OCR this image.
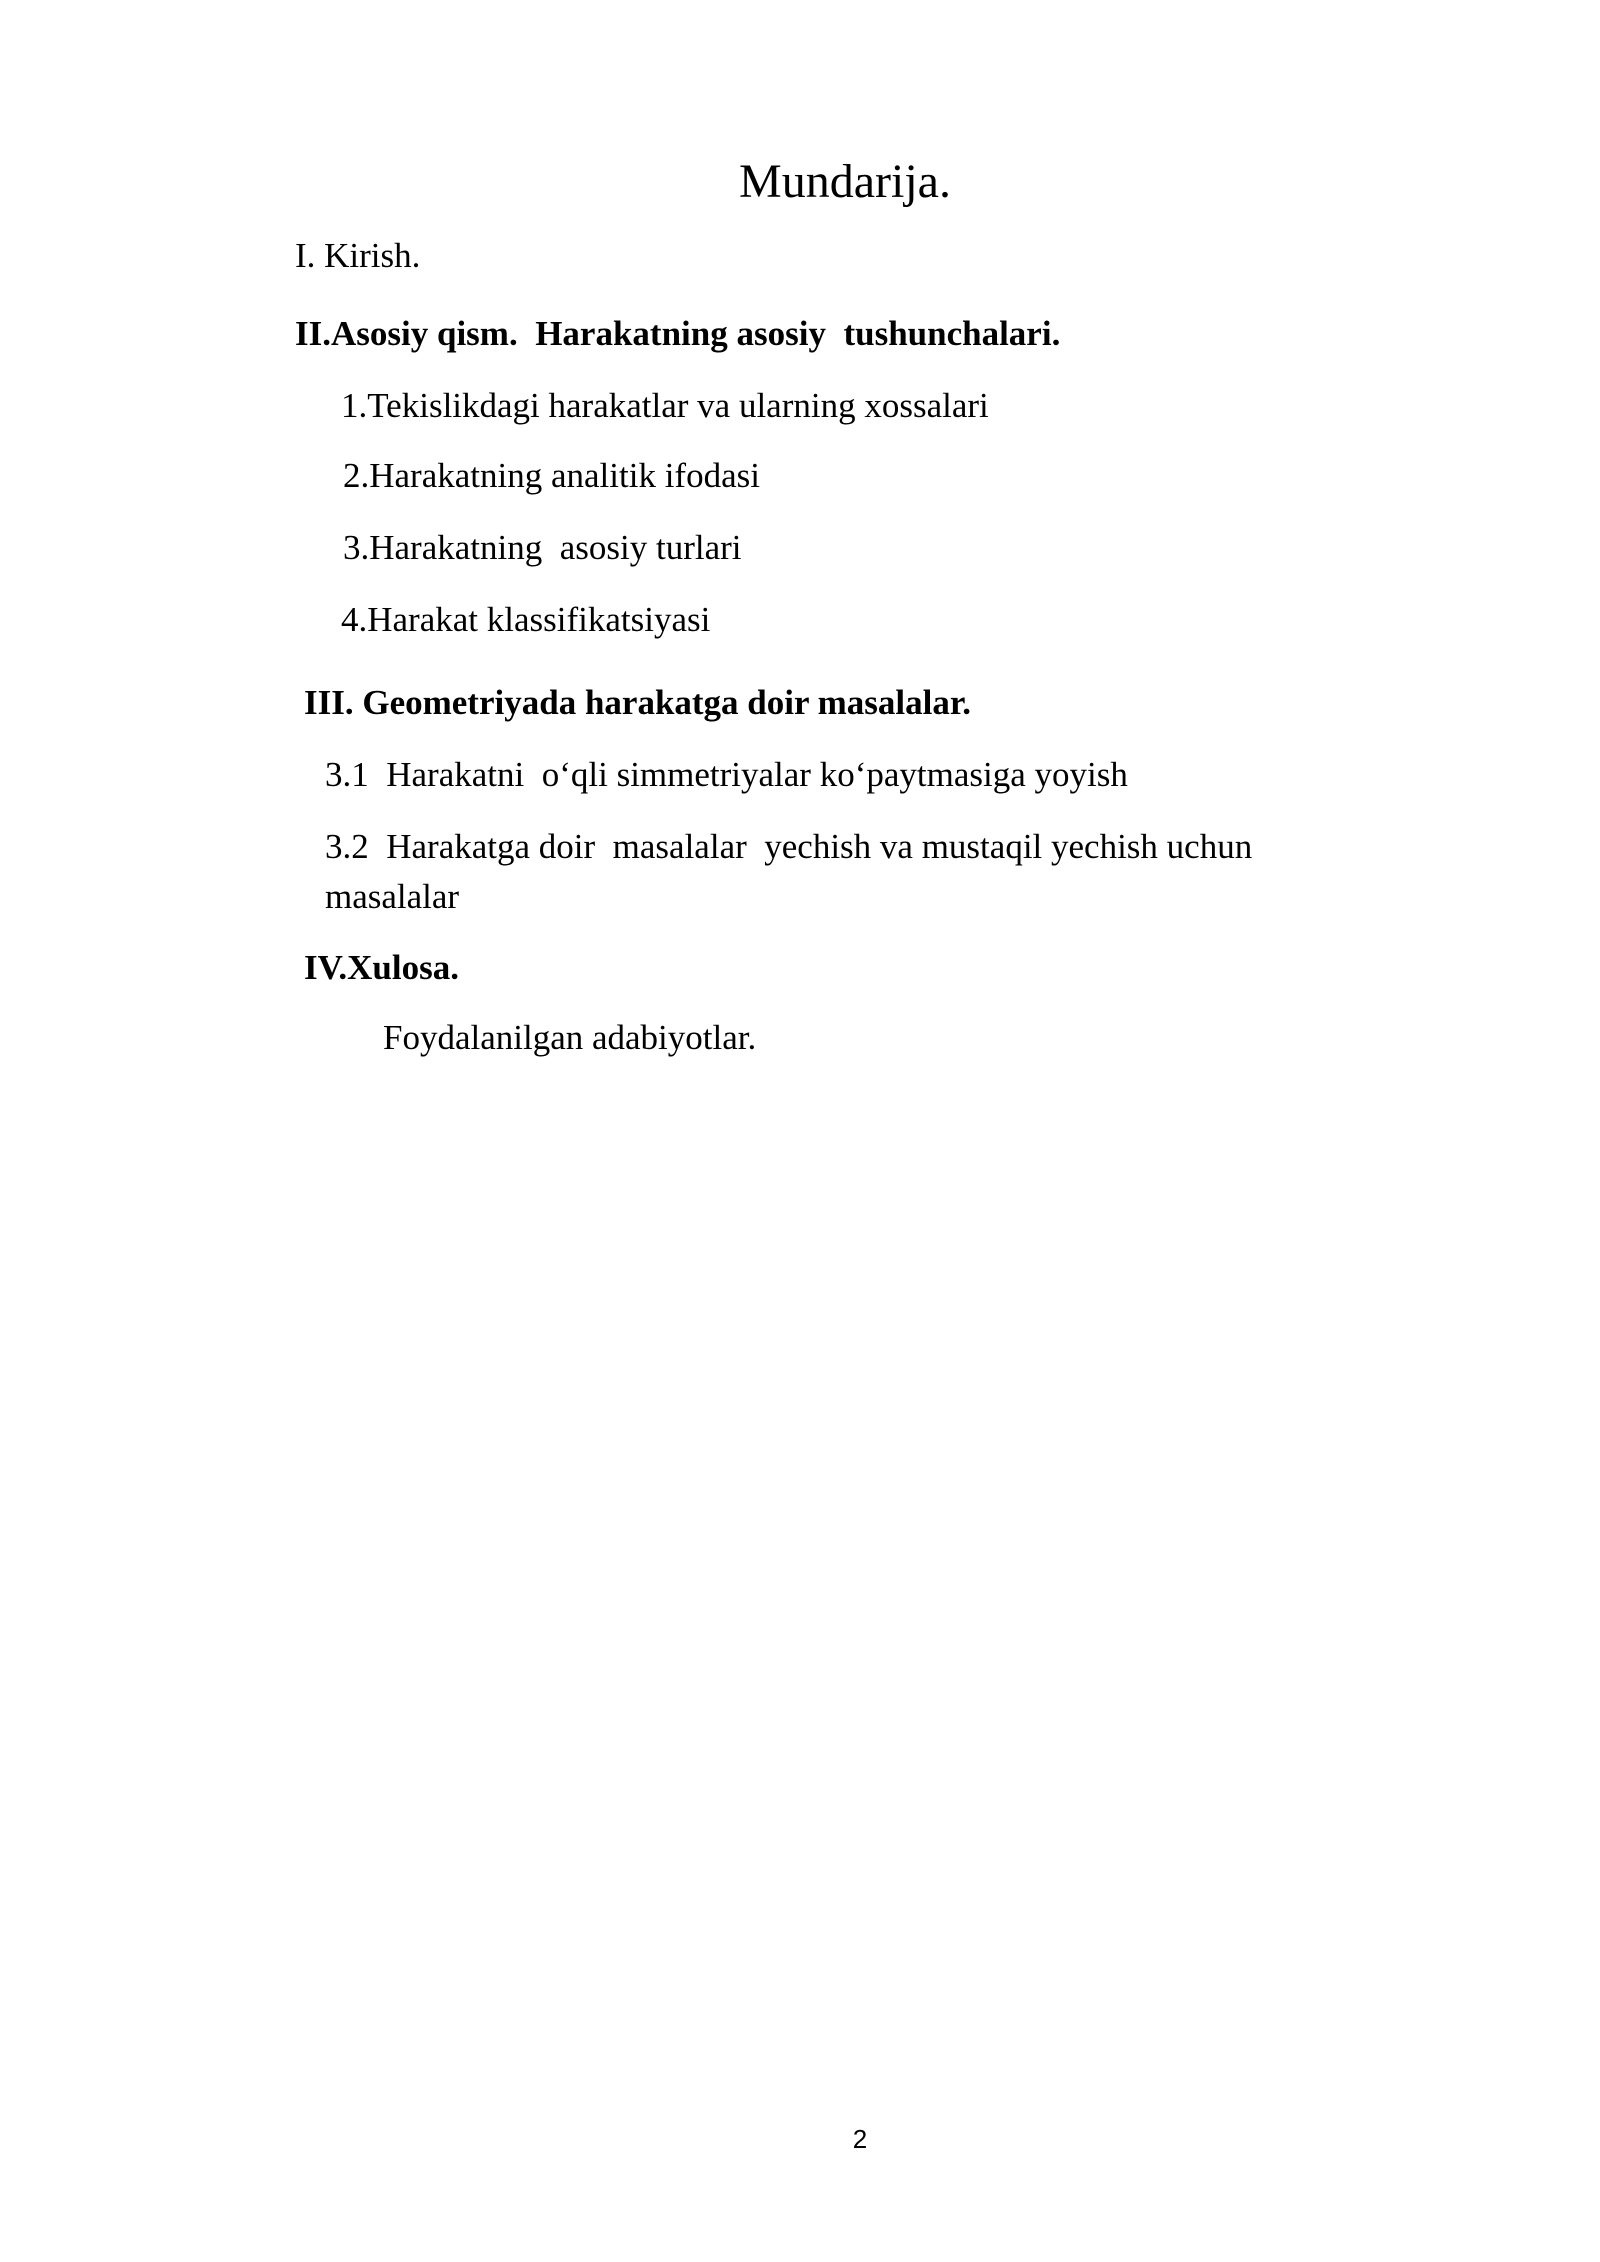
Mundarija.
I. Kirish.
II.Asosiy qism.  Harakatning asosiy  tushunchalari.
1.Tekislikdagi harakatlar va ularning xossalari
2.Harakatning analitik ifodasi
3.Harakatning  asosiy turlari
4.Harakat klassifikatsiyasi
III. Geometriyada harakatga doir masalalar.
3.1  Harakatni  o‘qli simmetriyalar ko‘paytmasiga yoyish
3.2  Harakatga doir  masalalar  yechish va mustaqil yechish uchun
masalalar
IV.Xulosa.
Foydalanilgan adabiyotlar.
2
